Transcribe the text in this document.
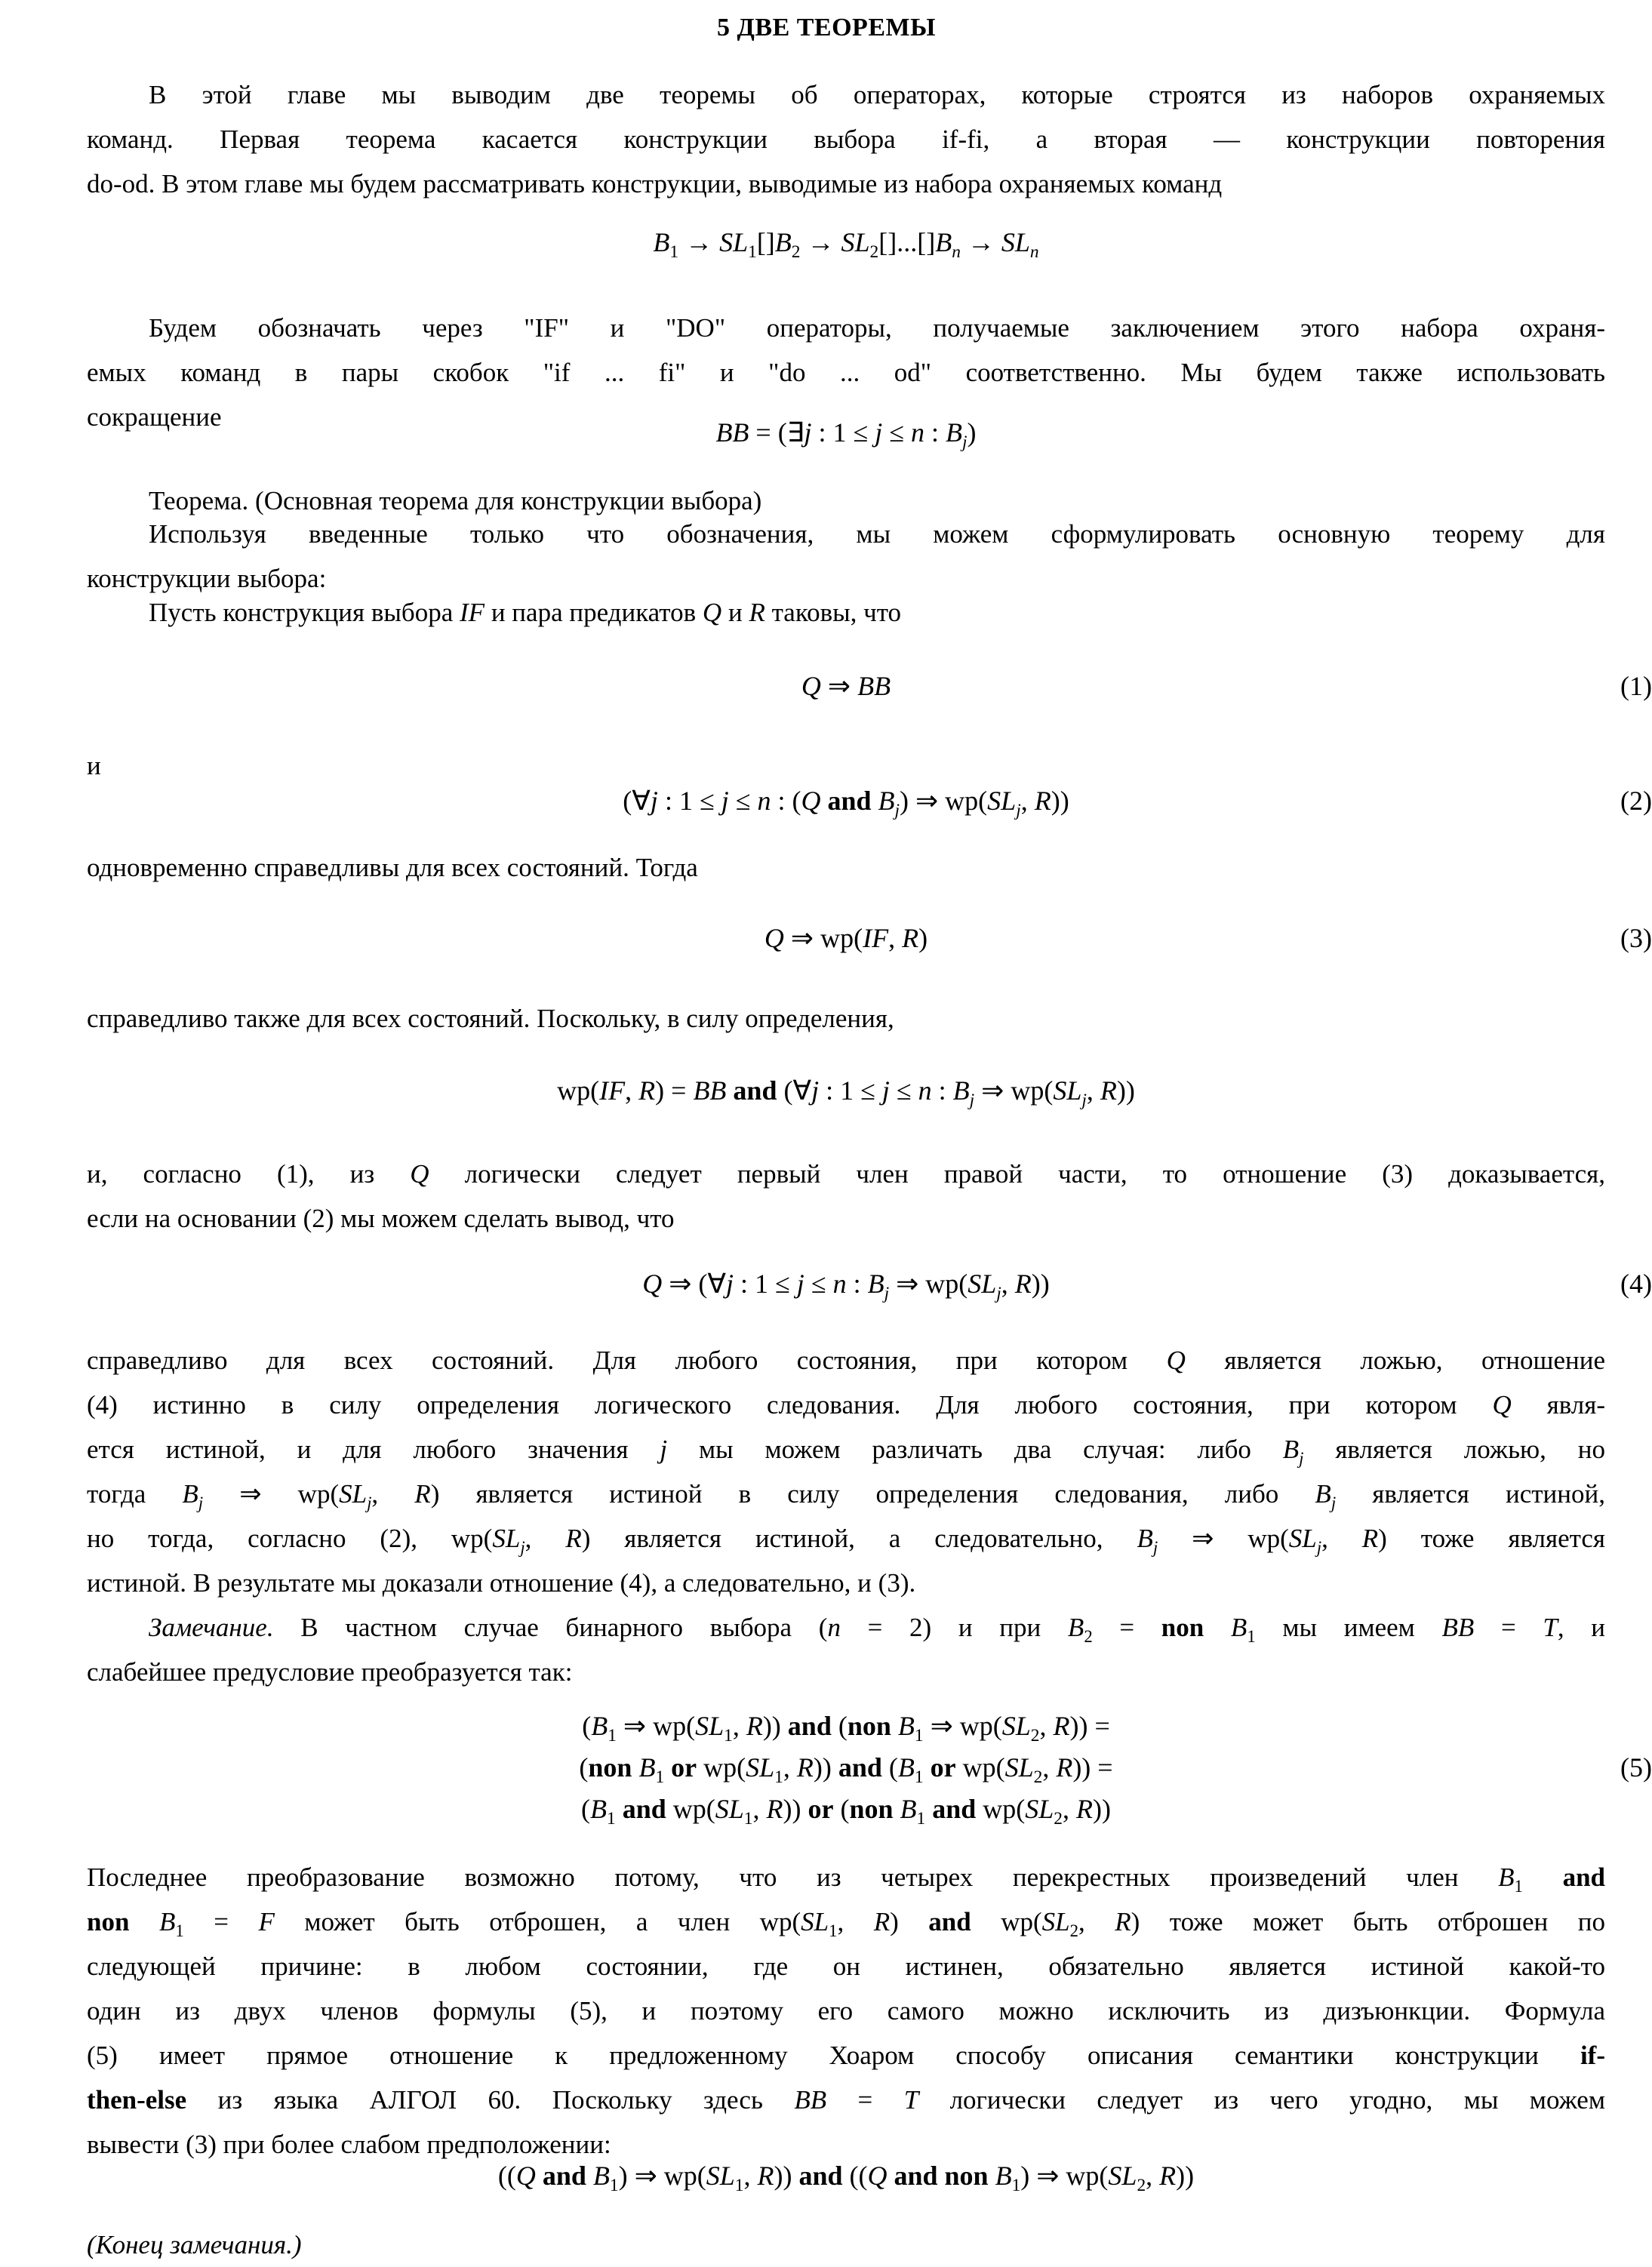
5 ДВЕ ТЕОРЕМЫ
В этой главе мы выводим две теоремы об операторах, которые строятся из наборов охраняемых
команд. Первая теорема касается конструкции выбора if-fi, а вторая — конструкции повторения
do-od. В этом главе мы будем рассматривать конструкции, выводимые из набора охраняемых команд
$B_1 \to SL_1[]B_2 \to SL_2[]...[]B_n \to SL_n$
Будем обозначать через "IF" и "DO" операторы, получаемые заключением этого набора охраня-
емых команд в пары скобок "if ... fi" и "do ... od" соответственно. Мы будем также использовать
сокращение
BB = (∃j : 1 ≤ j ≤ n : $B_j$)
Теорема. (Основная теорема для конструкции выбора)
Используя введенные только что обозначения, мы можем сформулировать основную теорему для
конструкции выбора:
Пусть конструкция выбора IF и пара предикатов Q и R таковы, что
Q ⇒ BB	(1)
и
(∀j : 1 ≤ j ≤ n : (Q and $B_j$) ⇒ $wp(SL_j$, R))	(2)
одновременно справедливы для всех состояний. Тогда
Q ⇒ wp(IF, R)	(3)
справедливо также для всех состояний. Поскольку, в силу определения,
wp(IF, R) = BB and (∀j : 1 ≤ j ≤ n : $B_j$ ⇒ $wp(SL_j$, R))
и, согласно (1), из Q логически следует первый член правой части, то отношение (3) доказывается,
если на основании (2) мы можем сделать вывод, что
Q ⇒ (∀j : 1 ≤ j ≤ n : $B_j$ ⇒ $wp(SL_j$, R))	(4)
справедливо для всех состояний. Для любого состояния, при котором Q является ложью, отношение
(4) истинно в силу определения логического следования. Для любого состояния, при котором Q явля-
ется истиной, и для любого значения j мы можем различать два случая: либо $B_j$ является ложью, но
тогда $B_j$ ⇒ $wp(SL_j$, R) является истиной в силу определения следования, либо $B_j$ является истиной,
но тогда, согласно (2), $wp(SL_j$, R) является истиной, а следовательно, $B_j$ ⇒ $wp(SL_j$, R) тоже является
истиной. В результате мы доказали отношение (4), а следовательно, и (3).
Замечание. В частном случае бинарного выбора (n = 2) и при $B_2$ = non $B_1$ мы имеем BB = T, и
слабейшее предусловие преобразуется так:
($B_1$ ⇒ $wp(SL_1$, R)) and (non $B_1$ ⇒ $wp(SL_2$, R)) =
(non $B_1$ or $wp(SL_1$, R)) and ($B_1$ or $wp(SL_2$, R)) =
($B_1$ and $wp(SL_1$, R)) or (non $B_1$ and $wp(SL_2$, R))
(5)
Последнее преобразование возможно потому, что из четырех перекрестных произведений член $B_1$ and
non $B_1 = F$ может быть отброшен, а член $wp(SL_1$, R) and $wp(SL_2$, R) тоже может быть отброшен по
следующей причине: в любом состоянии, где он истинен, обязательно является истиной какой-то
один из двух членов формулы (5), и поэтому его самого можно исключить из дизъюнкции. Формула
(5) имеет прямое отношение к предложенному Хоаром способу описания семантики конструкции if-
then-else из языка АЛГОЛ 60. Поскольку здесь BB = T логически следует из чего угодно, мы можем
вывести (3) при более слабом предположении:
((Q and $B_1$) ⇒ $wp(SL_1$, R)) and ((Q and non $B_1$) ⇒ $wp(SL_2$, R))
(Конец замечания.)
